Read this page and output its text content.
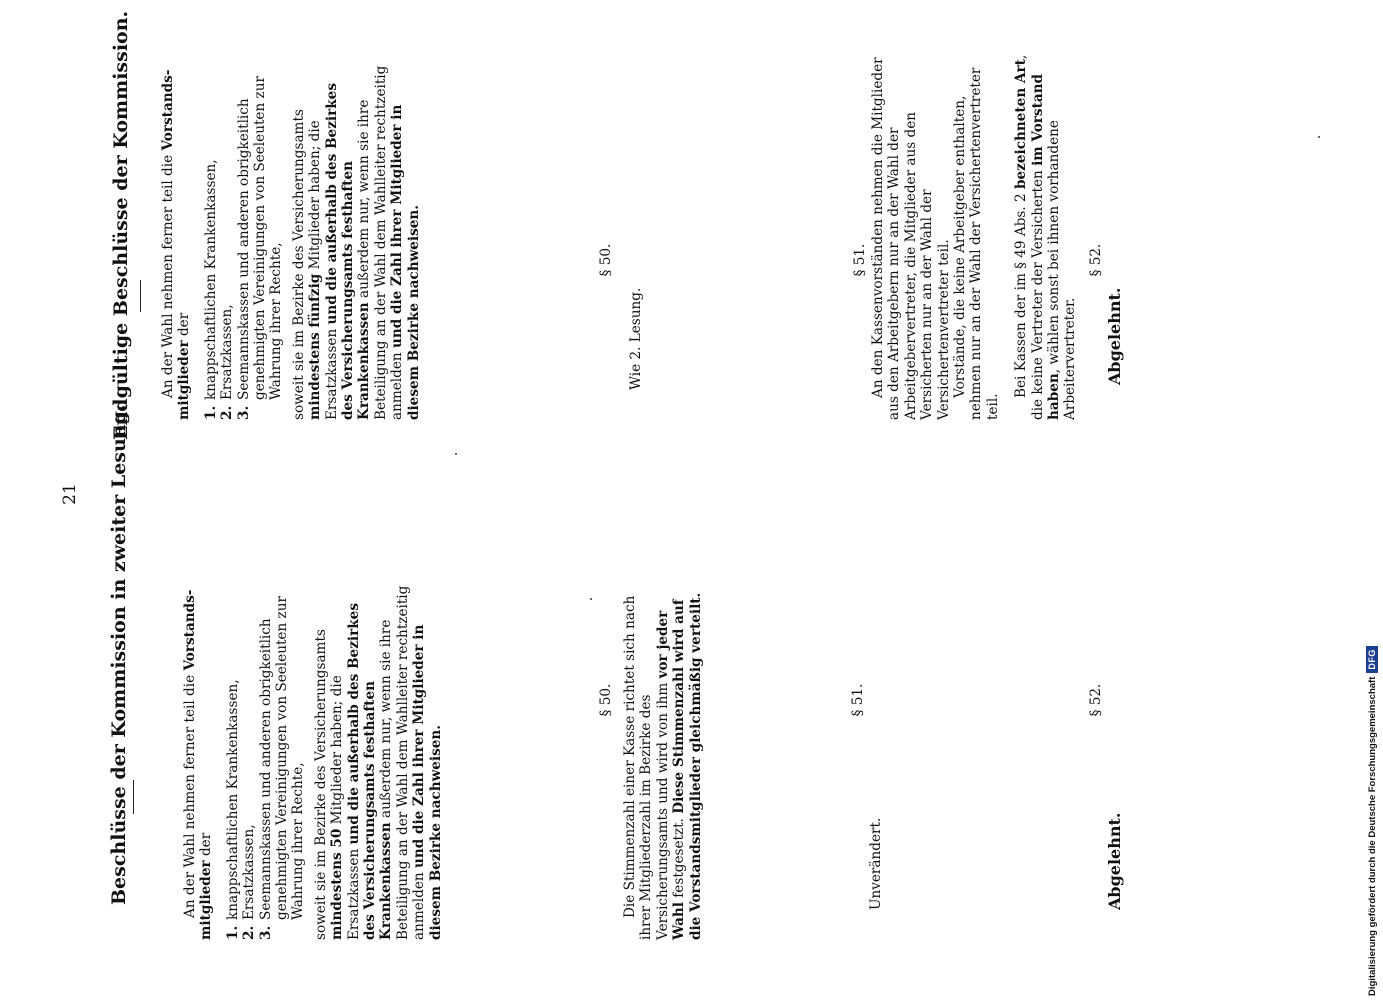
21 Beschlüsse der Kommission in zweiter Lesung.	An der Wahl nehmen ferner teil die Vorstands-mitglieder der

1.
knappschaftlichen Krankenkassen,
2.
Ersatzkassen,
3.
Seemannskassen und anderen obrigkeitlich genehmigten Vereinigungen von Seeleuten zur Wahrung ihrer Rechte, soweit sie im Bezirke des Versicherungsamts mindestens 50 Mitglieder haben; die Ersatzkassen und die außerhalb des Bezirkes des Versicherungsamts festhaften Krankenkassen außerdem nur, wenn sie ihre Beteiligung an der Wahl dem Wahlleiter rechtzeitig anmelden und die Zahl ihrer Mitglieder in diesem Bezirke nachweisen.

§ 50. Die Stimmenzahl einer Kasse richtet sich nach ihrer Mitgliederzahl im Bezirke des Versicherungsamts und wird von ihm vor jeder Wahl festgesetzt. Diese Stimmenzahl wird auf die Vorstandsmitglieder gleichmäßig verteilt.	§ 51.
Unverändert.
§ 52.
Abgelehnt.
Endgültige Beschlüsse der Kommission. An der Wahl nehmen ferner teil die Vorstands-mitglieder der

1.
knappschaftlichen Krankenkassen,
2.
Ersatzkassen,
3.
Seemannskassen und anderen obrigkeitlich genehmigten Vereinigungen von Seeleuten zur Wahrung ihrer Rechte, soweit sie im Bezirke des Versicherungsamts mindestens fünfzig Mitglieder haben; die Ersatzkassen und die außerhalb des Bezirkes des Versicherungsamts festhaften Krankenkassen außerdem nur, wenn sie ihre Beteiligung an der Wahl dem Wahlleiter rechtzeitig anmelden und die Zahl ihrer Mitglieder in diesem Bezirke nachweisen.	§ 50.
Wie 2. Lesung.
§ 51. An den Kassenvorständen nehmen die Mitglieder aus den Arbeitgebern nur an der Wahl der Arbeitgebervertreter, die Mitglieder aus den Versicherten nur an der Wahl der Versichertenvertreter teil. Vorstände, die keine Arbeitgeber enthalten, nehmen nur an der Wahl der Versichertenvertreter teil.

Bei Kassen der im § 49 Abs. 2 bezeichneten Art, die keine Vertreter der Versicherten im Vorstand haben, wählen sonst bei ihnen vorhandene Arbeitervertreter.

§ 52.
Abgelehnt.
Digitalisierung gefördert durch die Deutsche Forschungsgemeinschaft
DFG
